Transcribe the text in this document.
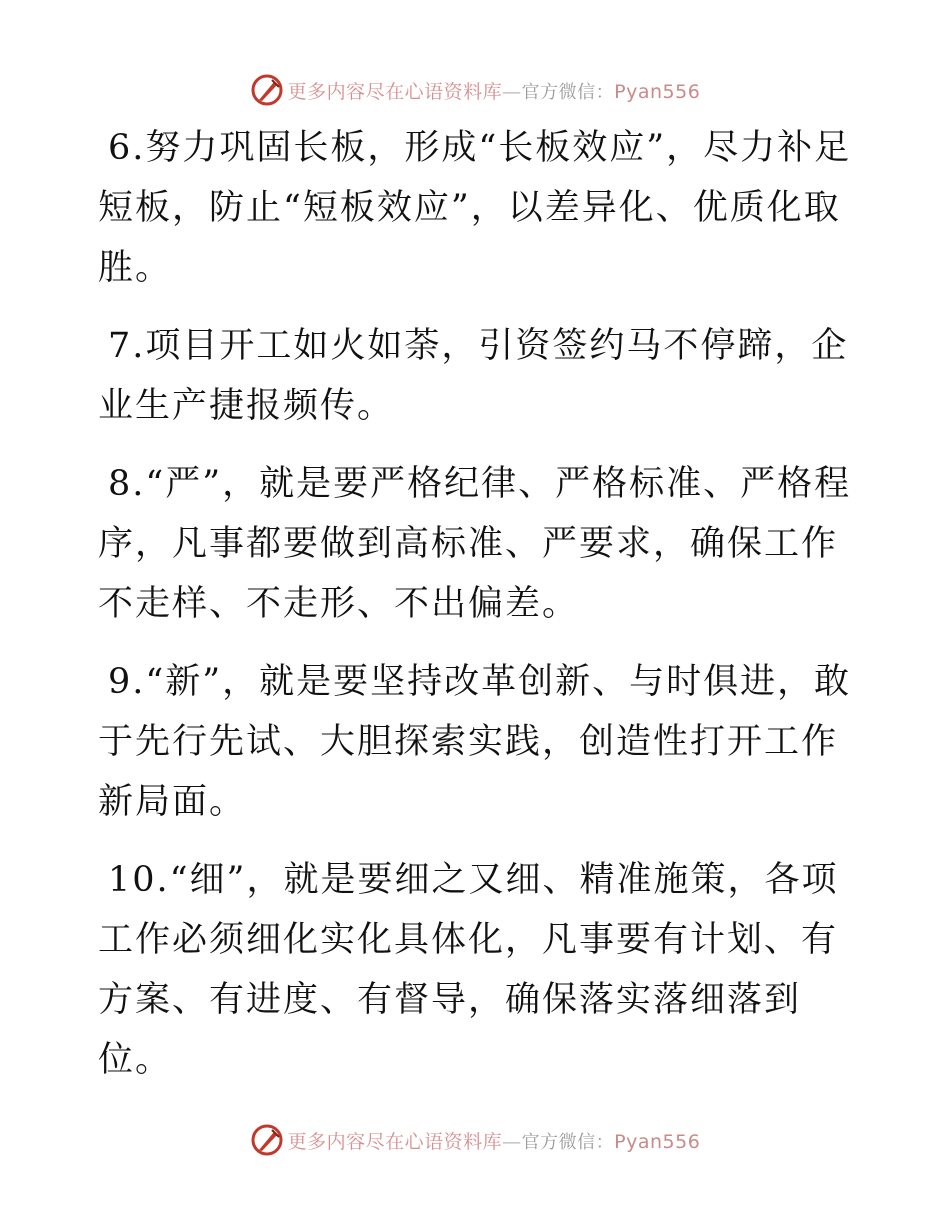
更多内容尽在心语资料库—官方微信：Pyan556

6.努力巩固长板，形成“长板效应”，尽力补足短板，防止“短板效应”，以差异化、优质化取胜。

7.项目开工如火如荼，引资签约马不停蹄，企业生产捷报频传。

8.“严”，就是要严格纪律、严格标准、严格程序，凡事都要做到高标准、严要求，确保工作不走样、不走形、不出偏差。

9.“新”，就是要坚持改革创新、与时俱进，敢于先行先试、大胆探索实践，创造性打开工作新局面。

10.“细”，就是要细之又细、精准施策，各项工作必须细化实化具体化，凡事要有计划、有方案、有进度、有督导，确保落实落细落到位。

更多内容尽在心语资料库—官方微信：Pyan556
